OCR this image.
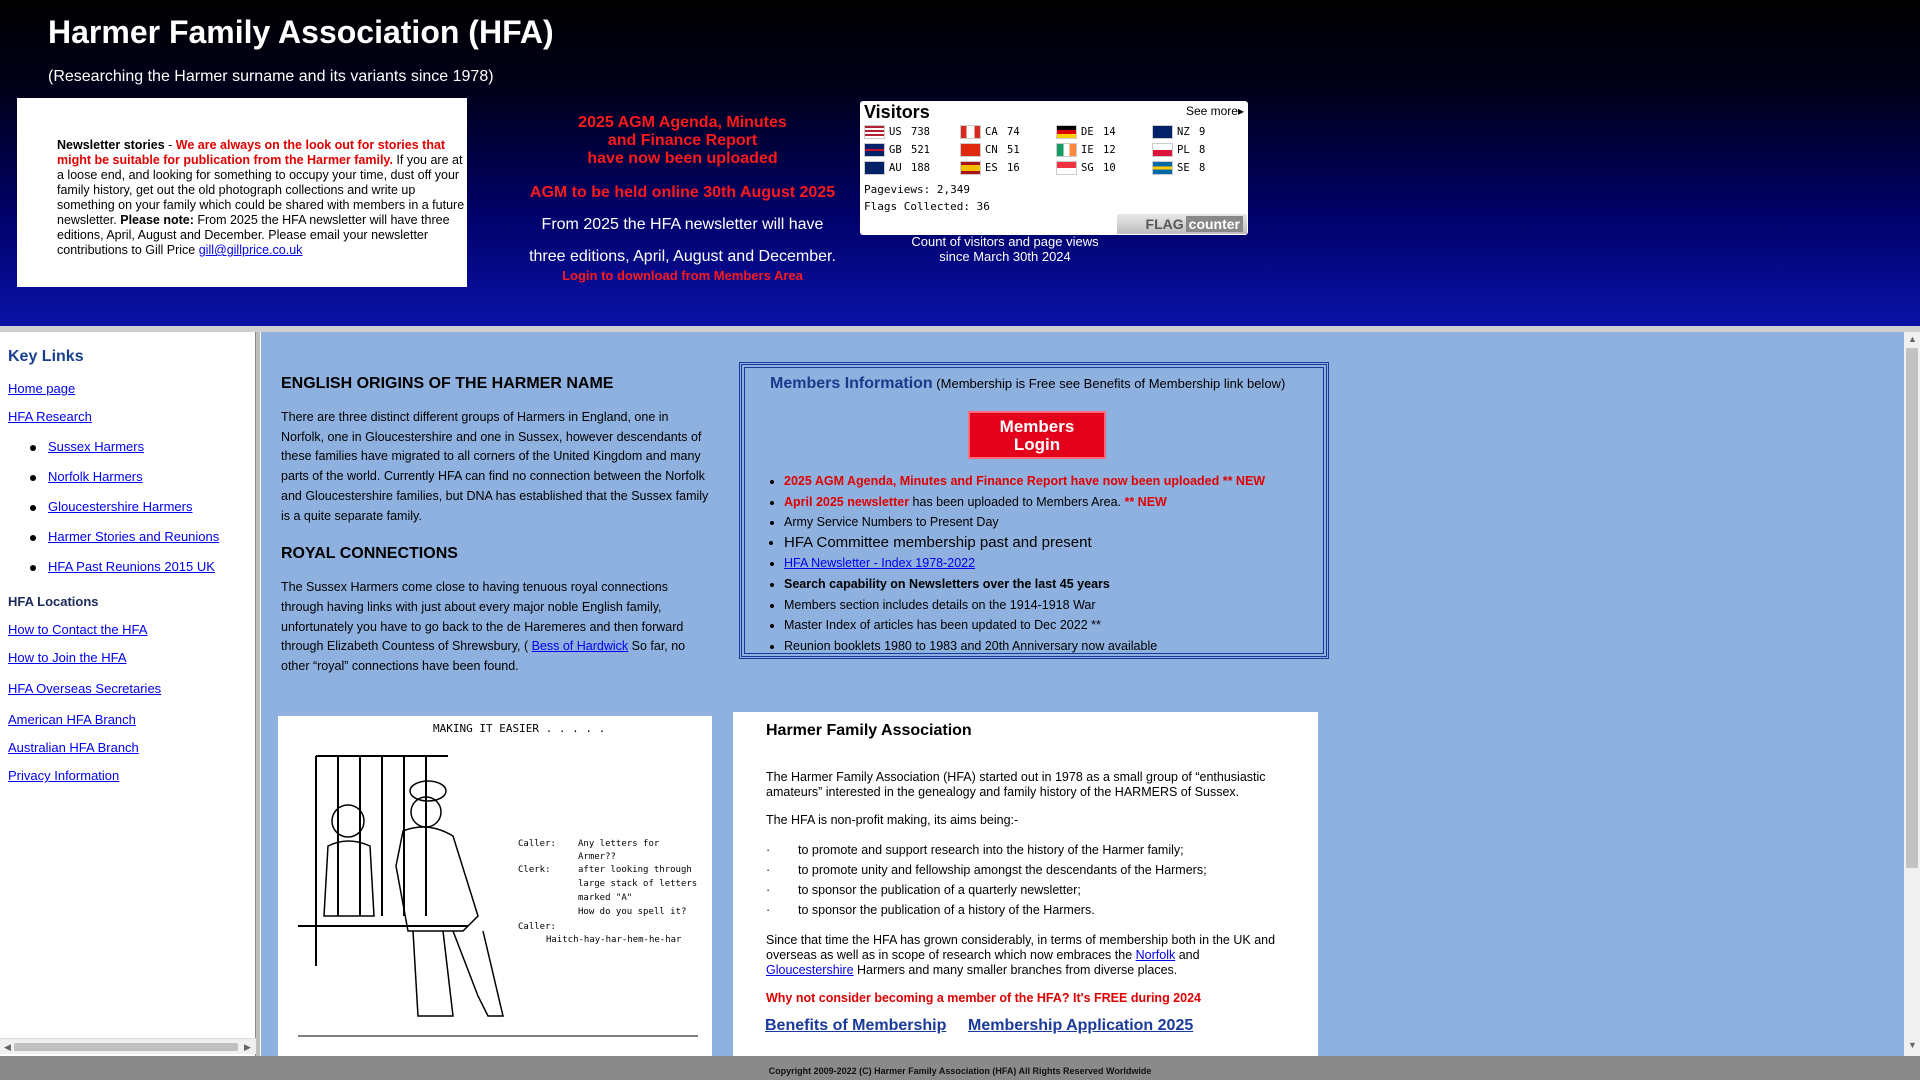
Harmer Family Association (HFA)
(Researching the Harmer surname and its variants since 1978)
Newsletter stories - We are always on the look out for stories that might be suitable for publication from the Harmer family. If you are at a loose end, and looking for something to occupy your time, dust off your family history, get out the old photograph collections and write up something on your family which could be shared with members in a future newsletter. Please note: From 2025 the HFA newsletter will have three editions, April, August and December. Please email your newsletter contributions to Gill Price gill@gillprice.co.uk
2025 AGM Agenda, Minutes
and Finance Report
have now been uploaded
AGM to be held online 30th August 2025
From 2025 the HFA newsletter will have
three editions, April, August and December.
Login to download from Members Area
Visitors	See more▸
US 738	CA 74	DE 14	NZ 9
GB 521	CN 51	IE 12	PL 8
AU 188	ES 16	SG 10	SE 8
Pageviews: 2,349
Flags Collected: 36
FLAG counter
Count of visitors and page views
since March 30th 2024
Key Links
Home page
HFA Research
Sussex Harmers
Norfolk Harmers
Gloucestershire Harmers
Harmer Stories and Reunions
HFA Past Reunions 2015 UK
HFA Locations
How to Contact the HFA
How to Join the HFA
HFA Overseas Secretaries
American HFA Branch
Australian HFA Branch
Privacy Information
◀	▶
ENGLISH ORIGINS OF THE HARMER NAME

There are three distinct different groups of Harmers in England, one in Norfolk, one in Gloucestershire and one in Sussex, however descendants of these families have migrated to all corners of the United Kingdom and many parts of the world. Currently HFA can find no connection between the Norfolk and Gloucestershire families, but DNA has established that the Sussex family is a quite separate family.

ROYAL CONNECTIONS

The Sussex Harmers come close to having tenuous royal connections through having links with just about every major noble English family, unfortunately you have to go back to the de Haremeres and then forward through Elizabeth Countess of Shrewsbury, ( Bess of Hardwick So far, no other “royal” connections have been found.

Members Information (Membership is Free see Benefits of Membership link below)
Members
Login
• 2025 AGM Agenda, Minutes and Finance Report have now been uploaded ** NEW
• April 2025 newsletter has been uploaded to Members Area. ** NEW
• Army Service Numbers to Present Day
• HFA Committee membership past and present
• HFA Newsletter - Index 1978-2022
• Search capability on Newsletters over the last 45 years
• Members section includes details on the 1914-1918 War
• Master Index of articles has been updated to Dec 2022 **
• Reunion booklets 1980 to 1983 and 20th Anniversary now available
MAKING IT EASIER . . . . .
Caller: Any letters for
Armer??
Clerk:	after looking through
large stack of letters
marked "A"
How do you spell it?
Caller:
Haitch-hay-har-hem-he-har
Harmer Family Association
The Harmer Family Association (HFA) started out in 1978 as a small group of “enthusiastic amateurs” interested in the genealogy and family history of the HARMERS of Sussex.
The HFA is non-profit making, its aims being:-
· to promote and support research into the history of the Harmer family;
· to promote unity and fellowship amongst the descendants of the Harmers;
· to sponsor the publication of a quarterly newsletter;
· to sponsor the publication of a history of the Harmers.
Since that time the HFA has grown considerably, in terms of membership both in the UK and overseas as well as in scope of research which now embraces the Norfolk and Gloucestershire Harmers and many smaller branches from diverse places.
Why not consider becoming a member of the HFA? It's FREE during 2024
Benefits of Membership Membership Application 2025
▲
▼
Copyright 2009-2022 (C) Harmer Family Association (HFA) All Rights Reserved Worldwide
